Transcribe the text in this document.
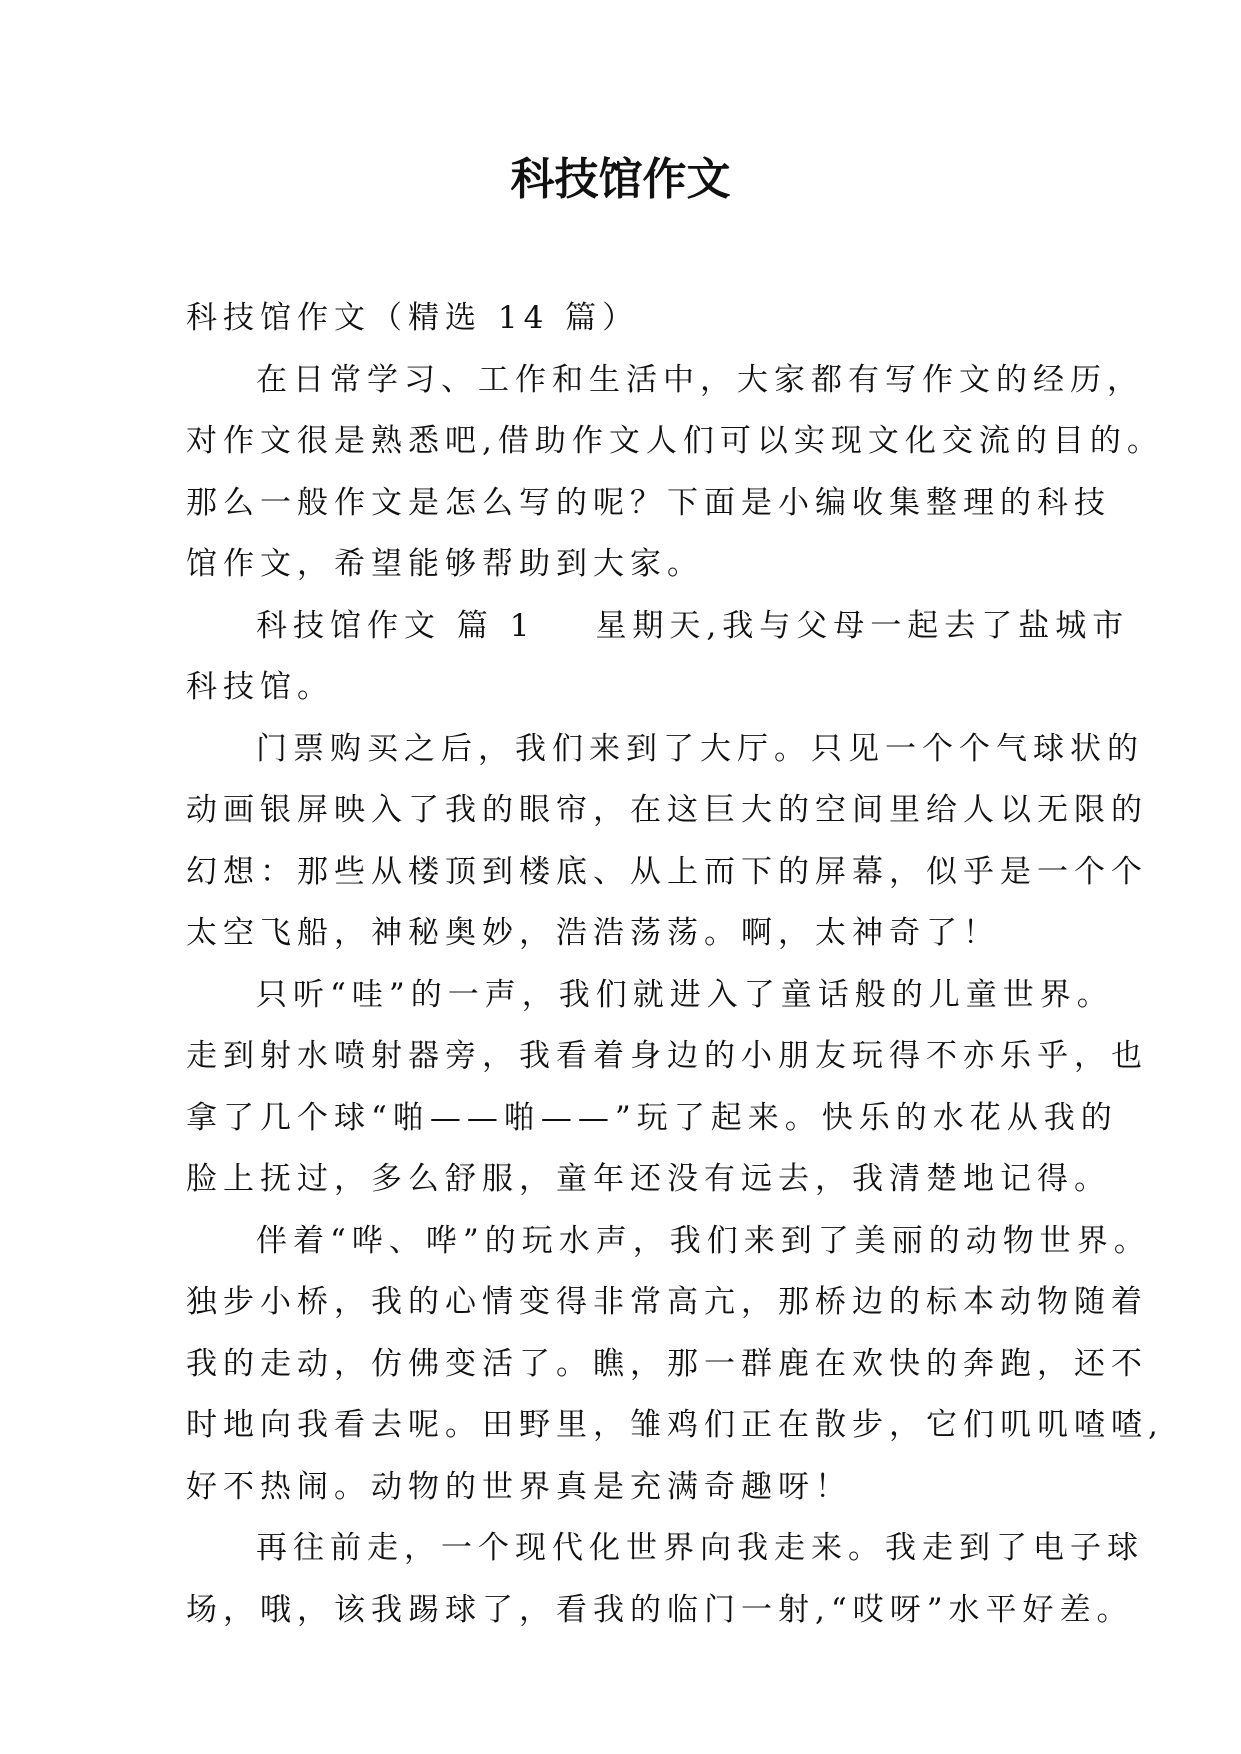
科技馆作文

科技馆作文（精选 14 篇）

在日常学习、工作和生活中，大家都有写作文的经历，

对作文很是熟悉吧,借助作文人们可以实现文化交流的目的。

那么一般作文是怎么写的呢？下面是小编收集整理的科技

馆作文，希望能够帮助到大家。

科技馆作文 篇 1 星期天,我与父母一起去了盐城市

科技馆。

门票购买之后，我们来到了大厅。只见一个个气球状的

动画银屏映入了我的眼帘，在这巨大的空间里给人以无限的

幻想：那些从楼顶到楼底、从上而下的屏幕，似乎是一个个

太空飞船，神秘奥妙，浩浩荡荡。啊，太神奇了！

只听“哇”的一声，我们就进入了童话般的儿童世界。

走到射水喷射器旁，我看着身边的小朋友玩得不亦乐乎，也

拿了几个球“啪——啪——”玩了起来。快乐的水花从我的

脸上抚过，多么舒服，童年还没有远去，我清楚地记得。

伴着“哗、哗”的玩水声，我们来到了美丽的动物世界。

独步小桥，我的心情变得非常高亢，那桥边的标本动物随着

我的走动，仿佛变活了。瞧，那一群鹿在欢快的奔跑，还不

时地向我看去呢。田野里，雏鸡们正在散步，它们叽叽喳喳,

好不热闹。动物的世界真是充满奇趣呀！

再往前走，一个现代化世界向我走来。我走到了电子球

场，哦，该我踢球了，看我的临门一射,“哎呀”水平好差。
